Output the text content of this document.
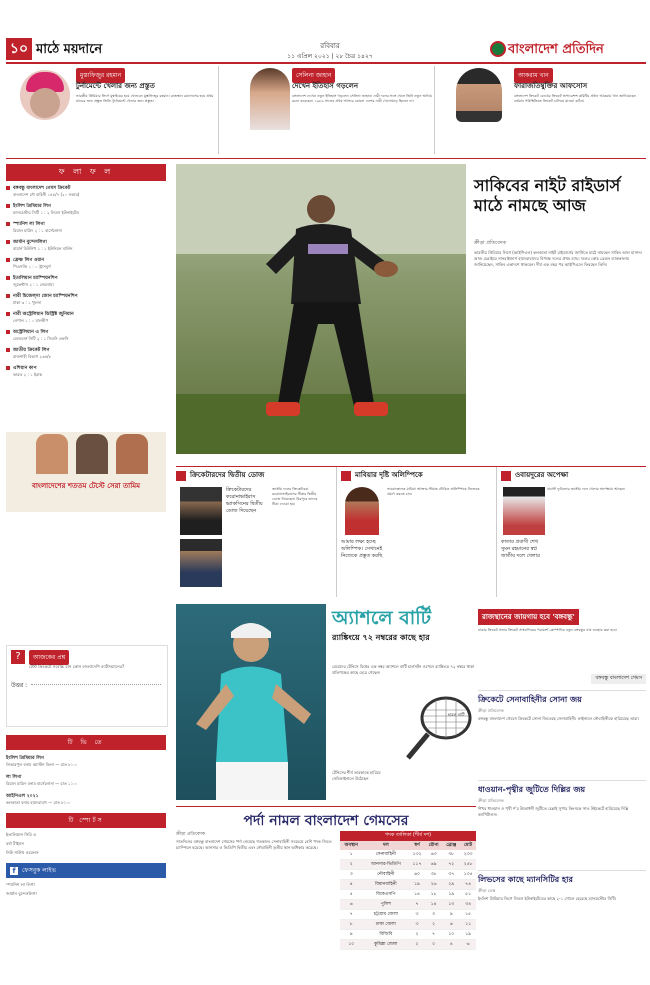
১০ মাঠে ময়দানে	রবিবার
১১ এপ্রিল ২০২১ | ২৮ চৈত্র ১৪২৭	বাংলাদেশ প্রতিদিন
মুস্তাফিজুর রহমান
টুর্নামেন্টে খেলার জন্য প্রস্তুত
ভারতীয় প্রিমিয়ার লিগে মুম্বাইয়ের হয়ে খেলবেন মুস্তাফিজুর রহমান। রাজস্থান রয়্যালসের হয়ে প্রথম ম্যাচের জন্য প্রস্তুত তিনি। টুর্নামেন্টে খেলার জন্য প্রস্তুত।
সেলিনা জাহান
দেখেন ইতিহাস গড়লেন
বাংলাদেশ দেখেন নতুন ইতিহাস গড়লেন সেলিনা জাহান। নারী দলের সঙ্গে খেলে তিনি নতুন অধ্যায় রচনা করেছেন। ১৯৮৯ সালের প্রথম আসরে কোনো দেশের নারী খেলোয়াড় ছিলেন না।
আকরাম খান
ফারাজতিম্বুক্তির আফসোস
বাংলাদেশ ক্রিকেট বোর্ডের ক্রিকেট অপারেশন্স কমিটির প্রধান আকরাম খান জানিয়েছেন বর্তমান পরিস্থিতিতে ক্রিকেট চালিয়ে যাওয়া কঠিন।
ফ লা ফ ল
বঙ্গবন্ধু বাংলাদেশ গেমস ক্রিকেট
বাংলাদেশ নৌ বাহিনী ১৪৮/৭ (২০ ওভার)
ইংলিশ প্রিমিয়ার লিগ
ম্যানচেস্টার সিটি ১ : ২ লিডস ইউনাইটেড
স্প্যানিশ লা লিগা
রিয়াল মাদ্রিদ ২ : ১ বার্সেলোনা
জার্মান বুন্দেসলিগা
বায়ার্ন মিউনিখ ১ : ১ ইউনিয়ন বার্লিন
ফ্রেঞ্চ লিগ ওয়ান
পিএসজি ১ : ০ স্ট্রাসবুর্গ
ইতালিয়ান চ্যাম্পিয়নশিপ
জুভেন্টাস ২ : ১ জেনোয়া
নারী চিজেল্সা জোন চ্যাম্পিয়নশিপ
ঢাকা ৩ : ১ খুলনা
নারী অস্ট্রেলিয়ান ডিস্ট্রিক্ট জুনিয়ান
নেপাল ১ : ০ মালদ্বীপ
অস্ট্রেলিয়ান এ লিগ
মেলবোর্ন সিটি ২ : ১ সিডনি এফসি
জাতীয় ক্রিকেট লিগ
রাজশাহী বিভাগ ২৩৪/৮
এশিয়ান কাপ
ভারত ২ : ১ ইরাক
বাংলাদেশের শততম টেস্টে সেরা তামিম
?	আজকের প্রশ্ন
টেস্ট ক্রিকেটে সর্বোচ্চ রান কোন বাংলাদেশি ব্যাটসম্যানের?
উত্তর :
টি ভি তে
ইংলিশ প্রিমিয়ার লিগ
লিভারপুল বনাম অ্যাস্টন ভিলা — রাত ৮:০০
লা লিগা
রিয়াল মাদ্রিদ বনাম বার্সেলোনা — রাত ১:০০
আইপিএল ২০২১
কলকাতা বনাম হায়দরাবাদ — রাত ৮:০০
টি স্পোর্টস
ইতালিয়ান সিরি এ
বর্ষা টাইমস
নিউ সাউথ ওয়েলস
f	ফেসবুক লাইভ
স্প্যানিশ লা লিগা
জার্মান বুন্দেসলিগা
সাকিবের নাইট রাইডার্স মাঠে নামছে আজ
ক্রীড়া প্রতিবেদক
ভারতীয় প্রিমিয়ার লিগে (আইপিএল) কলকাতা নাইট রাইডার্সের জার্সিতে মাঠে নামছেন সাকিব আল হাসান। আজ চেন্নাইয়ে সানরাইজার্স হায়দরাবাদের বিপক্ষে দলের প্রথম ম্যাচ। দলের কোচ ব্রেন্ডন ম্যাককালাম জানিয়েছেন, সাকিব একাদশে থাকবেন। দীর্ঘ এক বছর পর আইপিএলে ফিরছেন তিনি।
ক্রিকেটারদের দ্বিতীয় ডোজ
ক্রিকেটারদের করোনাভাইরাস ভ্যাকসিনের দ্বিতীয় ডোজ দিয়েছেন
জাতীয় দলের ক্রিকেটাররা করোনাভাইরাসের টিকার দ্বিতীয় ডোজ নিয়েছেন। মিরপুরে তাদের টিকা দেওয়া হয়।
মাবিয়ার দৃষ্টি অলিম্পিকে
আমার লক্ষ্য হচ্ছে অলিম্পিক। সেখানেই নিজেকে প্রস্তুত করছি
ভারোত্তোলক মাবিয়া আক্তার সীমান্ত টোকিও অলিম্পিকে নিজেকে প্রমাণ করতে চান।
ওবায়দুরের অপেক্ষা
কাতার প্রবাসী শেখ সুমন রহমানের স্বপ্ন জাতীয় দলে খেলার
প্রবাসী ফুটবলার জাতীয় দলে খেলার অপেক্ষায় আছেন।
অ্যাশলে বার্টি
র‍্যাঙ্কিংয়ে ৭২ নম্বরের কাছে হার
রাজস্থানের জায়গায় হবে 'বঙ্গবন্ধু'
ঢাকার ক্রিকেট সভার ক্রিকেট সাংবাদিকের পরামর্শে কোম্পানির নতুন বঙ্গবন্ধুর নাম ব্যবহার করা হবে।
মেয়েদের টেনিসে বিশ্বের এক নম্বর অ্যাশলে বার্টি চার্লসটন ওপেনে র‍্যাঙ্কিংয়ে ৭২ নম্বরে থাকা প্রতিপক্ষের কাছে হেরে গেছেন।
টেনিসের শীর্ষ তারকাকে হারিয়ে সেমিফাইনালে উঠেছেন
হারল বার্টি
বঙ্গবন্ধু বাংলাদেশ গেমস
ক্রিকেটে সেনাবাহিনীর সোনা জয়
ক্রীড়া প্রতিবেদক
বঙ্গবন্ধু বাংলাদেশ গেমসে ক্রিকেটে সোনা জিতেছে সেনাবাহিনী। ফাইনালে নৌবাহিনীকে হারিয়েছে তারা।
ধাওয়ান-পৃথ্বীর জুটিতে দিল্লির জয়
ক্রীড়া প্রতিবেদক
শিখর ধাওয়ান ও পৃথ্বী শ'র উদ্বোধনী জুটিতে চেন্নাই সুপার কিংসকে সাত উইকেটে হারিয়েছে দিল্লি ক্যাপিটালস।
লিভসের কাছে ম্যানসিটির হার
ক্রীড়া ডেস্ক
ইংলিশ প্রিমিয়ার লিগে লিডস ইউনাইটেডের কাছে ২-১ গোলে হেরেছে ম্যানচেস্টার সিটি।
পর্দা নামল বাংলাদেশ গেমসের
ক্রীড়া প্রতিবেদক
সাতদিনের বঙ্গবন্ধু বাংলাদেশ গেমসের পর্দা নেমেছে গতকাল। সেনাবাহিনী সবচেয়ে বেশি পদক জিতে চ্যাম্পিয়ন হয়েছে। আনসার ও ভিডিপি দ্বিতীয় এবং নৌবাহিনী তৃতীয় স্থান অধিকার করেছে।
পদক তালিকা (শীর্ষ দশ)
অবস্থান	দল	স্বর্ণ	রৌপ্য	ব্রোঞ্জ	মোট
১	সেনাবাহিনী	১৩২	৬৩	৩৮	২৩৩
২	আনসার-ভিডিপি	১১৭	৬৯	৭২	২৫৮
৩	নৌবাহিনী	৬০	৩৮	৩৭	১৩৫
৪	বিমানবাহিনী	১৯	২৬	২৯	৭৪
৫	বিকেএসপি	১৪	১৮	১৯	৫১
৬	পুলিশ	৭	১৪	১৩	৩৪
৭	চট্টগ্রাম জেলা	৩	৩	৯	১৫
৮	ঢাকা জেলা	৩	২	৬	১১
৯	বিজিবি	২	৭	১০	১৯
১০	কুমিল্লা জেলা	২	০	৪	৬
